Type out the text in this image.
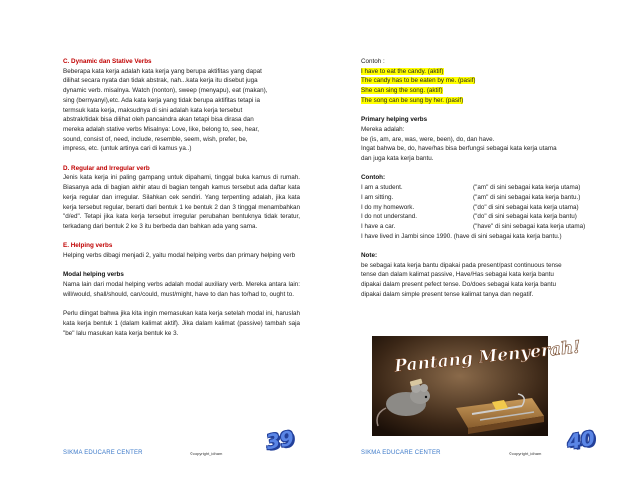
C. Dynamic dan Stative Verbs

Beberapa kata kerja adalah kata kerja yang berupa aktifitas yang dapat

dilihat secara nyata dan tidak abstrak, nah...kata kerja itu disebut juga

dynamic verb. misalnya. Watch (nonton), sweep (menyapu), eat (makan),

sing (bernyanyi),etc. Ada kata kerja yang tidak berupa aktifitas tetapi ia

termsuk kata kerja, maksudnya di sini adalah kata kerja tersebut

abstrak/tidak bisa dilihat oleh pancaindra akan tetapi bisa dirasa dan

mereka adalah stative verbs Misalnya: Love, like, belong to, see, hear,

sound, consist of, need, include, resemble, seem, wish, prefer, be,

impress, etc. (untuk artinya cari di kamus ya..)

D. Regular and Irregular verb

Jenis kata kerja ini paling gampang untuk dipahami, tinggal buka kamus di rumah. Biasanya ada di bagian akhir atau di bagian tengah kamus tersebut ada daftar kata kerja regular dan irregular. Silahkan cek sendiri. Yang terpenting adalah, jika kata kerja tersebut regular, berarti dari bentuk 1 ke bentuk 2 dan 3 tinggal menambahkan "d/ed". Tetapi jika kata kerja tersebut irregular perubahan bentuknya tidak teratur, terkadang dari bentuk 2 ke 3 itu berbeda dan bahkan ada yang sama.

E. Helping verbs

Helping verbs dibagi menjadi 2, yaitu modal helping verbs dan primary helping verb

Modal helping verbs

Nama lain dari modal helping verbs adalah modal auxiliary verb. Mereka antara lain: will/would, shall/should, can/could, must/might, have to dan has to/had to, ought to.

Perlu diingat bahwa jika kita ingin memasukan kata kerja setelah modal ini, haruslah kata kerja bentuk 1 (dalam kalimat aktif). Jika dalam kalimat (passive) tambah saja "be" lalu masukan kata kerja bentuk ke 3.

SIKMA EDUCARE CENTER	©copyright_idham 39

Contoh :

I have to eat the candy. (aktif)

The candy has to be eaten by me. (pasif)

She can sing the song. (aktif)

The song can be sung by her. (pasif)

Primary helping verbs

Mereka adalah:

be (is, am, are, was, were, been), do, dan have.

Ingat bahwa be, do, have/has bisa berfungsi sebagai kata kerja utama

dan juga kata kerja bantu.

Contoh:

I am a student.	("am" di sini sebagai kata kerja utama)
I am sitting.	("am" di sini sebagai kata kerja bantu.)
I do my homework.	("do" di sini sebagai kata kerja utama)
I do not understand.	("do" di sini sebagai kata kerja bantu)
I have a car.	("have" di sini sebagai kata kerja utama)

I have lived in Jambi since 1990. (have di sini sebagai kata kerja bantu.)

Note:

be sebagai kata kerja bantu dipakai pada present/past continuous tense

tense dan dalam kalimat passive, Have/Has sebagai kata kerja bantu

dipakai dalam present pefect tense. Do/does sebagai kata kerja bantu

dipakai dalam simple present tense kalimat tanya dan negatif.

SIKMA EDUCARE CENTER	©copyright_idham 40
Pantang Menyerah!
